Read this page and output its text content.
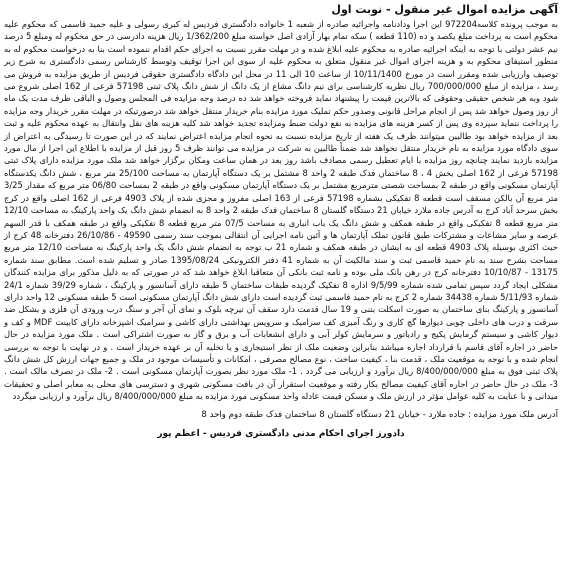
آگهی مزایده اموال غیر منقول - نوبت اول

به موجب پرونده کلاسه972204 این اجرا ودادنامه واجرائیه صادره از شعبه 1 خانواده دادگستری فردیس له کبری رسولی و علیه حمید قاسمی که محکوم علیه محکوم است به پرداخت مبلغ یکصد و ده (110 قطعه ) سکه تمام بهار آزادی اصل خواسته مبلغ 1/362/200 ریال هزینه دادرسی در حق محکوم له ومبلغ 5 درصد نیم عشر دولتی با توجه به اینکه اجرائیه صادره به محکوم علیه ابلاغ شده و در مهلت مقرر نسبت به اجرای حکم اقدام ننموده است بنا به درخواست محکوم له به منظور استیفای محکوم به و هزینه اجرای اموال غیر منقول متعلق به محکوم علیه از سوی این اجرا توقیف وتوسط کارشناس رسمی دادگستری به شرح زیر توصیف وارزیابی شده ومقرر است در مورخ 10/11/1400 از ساعت 10 الی 11 در محل این دادگاه دادگستری حقوقی فردیس از طریق مزایده به فروش می رسد ، مزایده از مبلغ 700/000/000 ریال نظریه کارشناسی برای نیم دانگ مشاع از یک دانگ از شش دانگ پلاک ثبتی 57198 فرعی از 162 اصلی شروع می شود وبه هر شخص حقیقی وحقوقی که بالاترین قیمت را پیشنهاد نماید فروخته خواهد شد ده درصد وجه مزایده فی المجلس وصول و الباقی ظرف مدت یک ماه از روز وصول خواهد شد پس از انجام مراحل قانونی وصدور حکم تملیک مورد مزایده بنام خریدار منتقل خواهد شد درصورتیکه در مهلت مقرر خریدار وجه مزایده را پرداخت ننماید سپرده وی پس از کسر هزینه های مزایده به نفع دولت ضبط ومزایده تجدید خواهد شد کلیه هزینه های نقل وانتقال به عهده محکوم علیه و ثبت بعد از مزایده خواهد بود طالبین میتوانند ظرف یک هفته از تاریخ مزایده نسبت به نحوه انجام مزایده اعتراض نمایند که در این صورت تا رسیدگی به اعتراض از سوی دادگاه مورد مزایده به نام خریدار منتقل نخواهد شد ضمناً طالبین به شرکت در مزایده می توانند ظرف 5 روز قبل از مزایده با اطلاع این اجرا از مال مورد مزایده بازدید نمایند چنانچه روز مزایده با ایام تعطیل رسمی مصادف باشد روز بعد در همان ساعت ومکان برگزار خواهد شد ملک مورد مزایده دارای پلاک ثبتی 57198 فرعی از 162 اصلی بخش 4 ، 8 ساختمان فدک طبقه 2 واحد 8 مشتمل بر یک دستگاه آپارتمان به مساحت 25/100 متر مربع ، شش دانگ یکدستگاه آپارتمان مسکونی واقع در طبقه 2 بمساحت شصتی مترمربع مشتمل بر یک دستگاه آپارتمان مسکونی واقع در طبقه 2 بمساحت 06/80 متر مربع که مقدار 3/25 متر مربع آن بالکن مسقف است قطعه 8 تفکیکی بشماره 57198 فرعی از 163 اصلی مفروز و مجزی شده از پلاک 4903 فرعی از 162 اصلی واقع در کرج بخش سرحد آباد کرج به آدرس جاده ملارد خیابان 21 دستگاه گلستان 8 ساختمان فدک طبقه 2 واحد 8 به انضمام شش دانگ یک واحد پارکینگ به مساحت 12/10 متر مربع قطعه 8 تفکیکی واقع در طبقه همکف و شش دانگ یک باب انباری به مساحت 07/5 متر مربع قطعه 8 تفکیکی واقع در طبقه همکف با قدر السهم عرصه و سایر مشاعات و مشترکات طبق قانون تملک آپارتمان ها و آئین نامه اجرایی آن انتقالی بموجب سند رسمی 49590 - 26/10/86 دفترخانه 48 کرج از حیث اکثری بوسیله پلاک 4903 قطعه ای به ایشان در طبقه همکف و شماره 21 ب توجه به انضمام شش دانگ یک واحد پارکینگ به مساحت 12/10 متر مربع مساحت بشرح سند به نام حمید قاسمی ثبت و سند مالکیت آن به شماره 41 دفتر الکترونیکی 1395/08/24 صادر و تسلیم شده است. مطابق سند شماره 13175 - 10/10/87 دفترخانه کرج در رهن بانک ملی بوده و نامه ثبت بانکی آن متعاقبا ابلاغ خواهد شد که در صورتی که به دلیل مذکور برای مزایده کنندگان مشکلی ایجاد گردد سپس تمامی شده شماره 9/5/99 اداره 8 تفکیک گردیده طبقات ساختمان 5 طبقه دارای آسانسور و پارکینگ ، شماره 39/29 شماره 24/1 شماره 5/11/93 شماره 34438 شماره 2 کرج به نام حمید قاسمی ثبت گردیده است دارای شش دانگ آپارتمان مسکونی است 5 طبقه مسکونی 12 واحد دارای آسانسور و پارکینگ بنای ساختمان به صورت اسکلت بتنی و 19 سال قدمت دارد سقف آن تیرچه بلوک و نمای آن آجر و سنگ درب ورودی آن فلزی و بشکل ضد سرقت و درب های داخلی چوبی دیوارها گچ کاری و رنگ آمیزی کف سرامیک و سرویس بهداشتی دارای کاشی و سرامیک اشپزخانه دارای کابینت MDF و کف و دیوار کاشی و سیستم گرمایش پکیج و رادیاتور و سرمایش کولر آبی و دارای انشعابات آب و برق و گاز به صورت اشتراکی است . ملک مورد مزایده در حال حاضر در اجاره آقای قاسم با قرارداد اجاره میباشد بنابراین وضعیت ملک از نظر استیجاری و یا تخلیه آن بر عهده خریدار است . و در نهایت با توجه به بررسی انجام شده و با توجه به موقعیت ملک ، قدمت بنا ، کیفیت ساخت ، نوع مصالح مصرفی ، امکانات و تأسیسات موجود در ملک و جمیع جهات ارزش کل شش دانگ پلاک ثبتی فوق به مبلغ 8/400/000/000 ریال برآورد و ارزیابی می گردد . 1- ملک مورد نظر بصورت آپارتمان مسکونی است . 2- ملک در تصرف مالک است . 3- ملک در حال حاضر در اجاره آقای کیفیت مصالح بکار رفته و موقعیت استقرار آن در بافت مسکونی شهری و دسترسی های محلی به معابر اصلی و تحقیقات میدانی و با عنایت به کلیه عوامل مؤثر در ارزش ملک و مسکن قیمت عادله واحد مسکونی مورد مزایده به مبلغ 8/400/000/000 ریال برآورد و ارزیابی میگردد

آدرس ملک مورد مزایده : جاده ملارد - خیابان 21 دستگاه گلستان 8 ساختمان فدک طبقه دوم واحد 8

دادورز اجرای احکام مدنی دادگستری فردیس - اعظم پور
